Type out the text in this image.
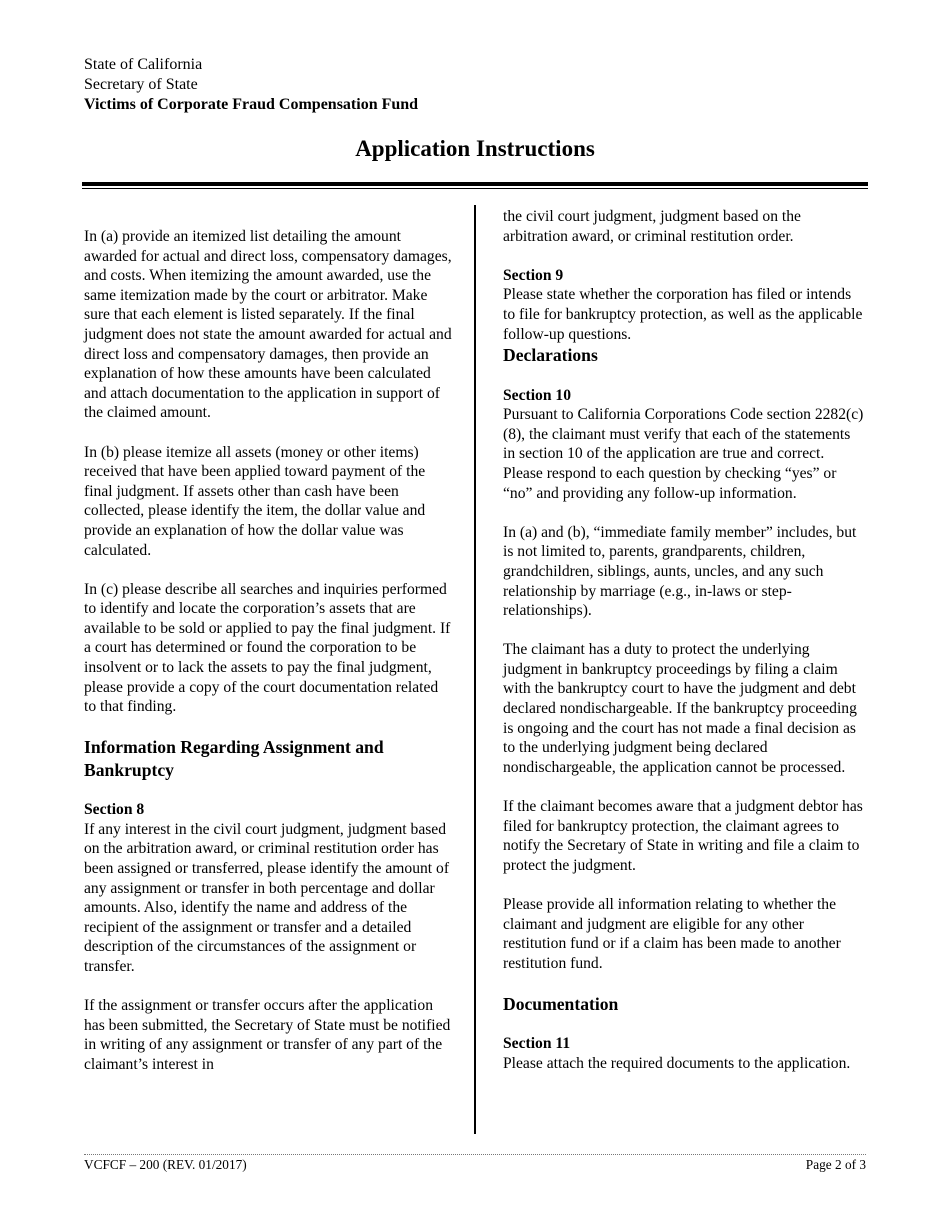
State of California
Secretary of State
Victims of Corporate Fraud Compensation Fund
Application Instructions

In (a) provide an itemized list detailing the amount awarded for actual and direct loss, compensatory damages, and costs. When itemizing the amount awarded, use the same itemization made by the court or arbitrator. Make sure that each element is listed separately. If the final judgment does not state the amount awarded for actual and direct loss and compensatory damages, then provide an explanation of how these amounts have been calculated and attach documentation to the application in support of the claimed amount.

In (b) please itemize all assets (money or other items) received that have been applied toward payment of the final judgment. If assets other than cash have been collected, please identify the item, the dollar value and provide an explanation of how the dollar value was calculated.

In (c) please describe all searches and inquiries performed to identify and locate the corporation’s assets that are available to be sold or applied to pay the final judgment. If a court has determined or found the corporation to be insolvent or to lack the assets to pay the final judgment, please provide a copy of the court documentation related to that finding.

Information Regarding Assignment and Bankruptcy
Section 8

If any interest in the civil court judgment, judgment based on the arbitration award, or criminal restitution order has been assigned or transferred, please identify the amount of any assignment or transfer in both percentage and dollar amounts. Also, identify the name and address of the recipient of the assignment or transfer and a detailed description of the circumstances of the assignment or transfer.

If the assignment or transfer occurs after the application has been submitted, the Secretary of State must be notified in writing of any assignment or transfer of any part of the claimant’s interest in

the civil court judgment, judgment based on the arbitration award, or criminal restitution order.

Section 9

Please state whether the corporation has filed or intends to file for bankruptcy protection, as well as the applicable follow-up questions.

Declarations
Section 10

Pursuant to California Corporations Code section 2282(c)(8), the claimant must verify that each of the statements in section 10 of the application are true and correct. Please respond to each question by checking “yes” or “no” and providing any follow-up information.

In (a) and (b), “immediate family member” includes, but is not limited to, parents, grandparents, children, grandchildren, siblings, aunts, uncles, and any such relationship by marriage (e.g., in-laws or step-relationships).

The claimant has a duty to protect the underlying judgment in bankruptcy proceedings by filing a claim with the bankruptcy court to have the judgment and debt declared nondischargeable. If the bankruptcy proceeding is ongoing and the court has not made a final decision as to the underlying judgment being declared nondischargeable, the application cannot be processed.

If the claimant becomes aware that a judgment debtor has filed for bankruptcy protection, the claimant agrees to notify the Secretary of State in writing and file a claim to protect the judgment.

Please provide all information relating to whether the claimant and judgment are eligible for any other restitution fund or if a claim has been made to another restitution fund.

Documentation
Section 11

Please attach the required documents to the application.

VCFCF – 200 (REV. 01/2017)	Page 2 of 3
